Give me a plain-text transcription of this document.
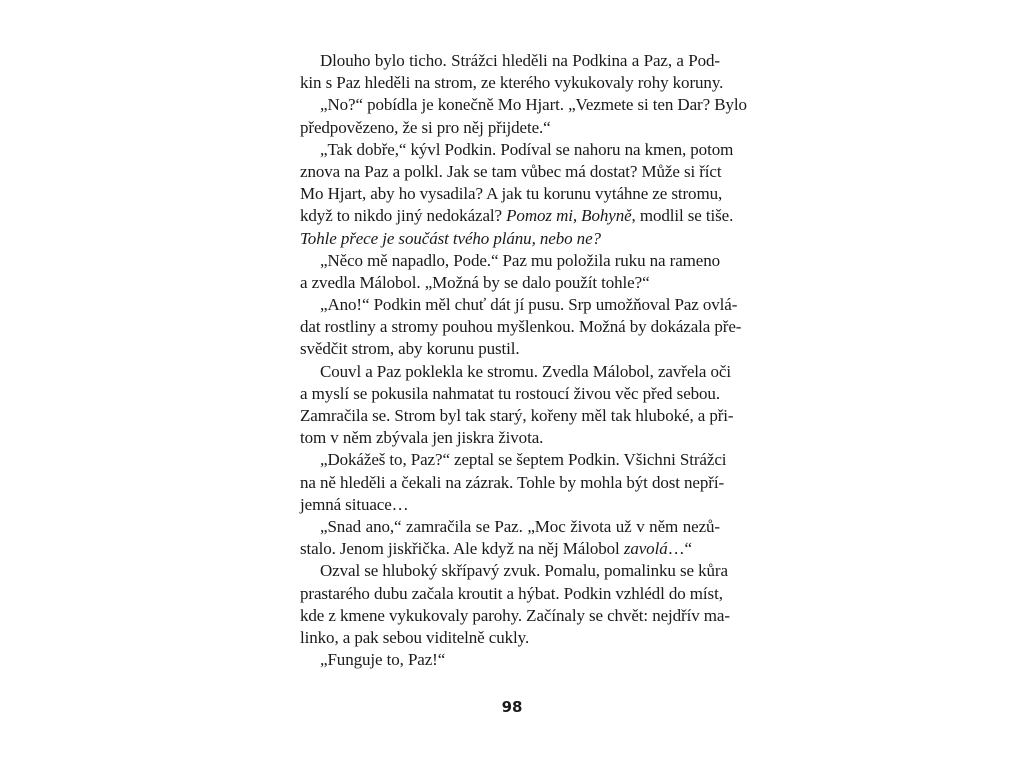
Dlouho bylo ticho. Strážci hleděli na Podkina a Paz, a Pod-
kin s Paz hleděli na strom, ze kterého vykukovaly rohy koruny.
„No?“ pobídla je konečně Mo Hjart. „Vezmete si ten Dar? Bylo
předpovězeno, že si pro něj přijdete.“
„Tak dobře,“ kývl Podkin. Podíval se nahoru na kmen, potom
znova na Paz a polkl. Jak se tam vůbec má dostat? Může si říct
Mo Hjart, aby ho vysadila? A jak tu korunu vytáhne ze stromu,
když to nikdo jiný nedokázal? Pomoz mi, Bohyně, modlil se tiše.
Tohle přece je součást tvého plánu, nebo ne?
„Něco mě napadlo, Pode.“ Paz mu položila ruku na rameno
a zvedla Málobol. „Možná by se dalo použít tohle?“
„Ano!“ Podkin měl chuť dát jí pusu. Srp umožňoval Paz ovlá-
dat rostliny a stromy pouhou myšlenkou. Možná by dokázala pře-
svědčit strom, aby korunu pustil.
Couvl a Paz poklekla ke stromu. Zvedla Málobol, zavřela oči
a myslí se pokusila nahmatat tu rostoucí živou věc před sebou.
Zamračila se. Strom byl tak starý, kořeny měl tak hluboké, a při-
tom v něm zbývala jen jiskra života.
„Dokážeš to, Paz?“ zeptal se šeptem Podkin. Všichni Strážci
na ně hleděli a čekali na zázrak. Tohle by mohla být dost nepří-
jemná situace…
„Snad ano,“ zamračila se Paz. „Moc života už v něm nezů-
stalo. Jenom jiskřička. Ale když na něj Málobol zavolá…“
Ozval se hluboký skřípavý zvuk. Pomalu, pomalinku se kůra
prastarého dubu začala kroutit a hýbat. Podkin vzhlédl do míst,
kde z kmene vykukovaly parohy. Začínaly se chvět: nejdřív ma-
linko, a pak sebou viditelně cukly.
„Funguje to, Paz!“
98
